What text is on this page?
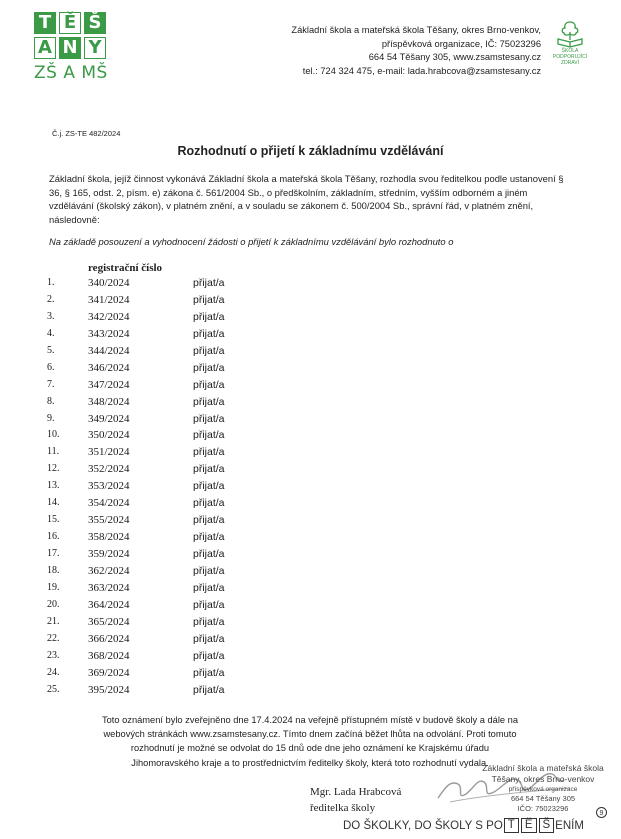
T Ě Š
A N Y
ZŠ A MŠ
Základní škola a mateřská škola Těšany, okres Brno-venkov,
příspěvková organizace, IČ: 75023296
664 54 Těšany 305, www.zsamstesany.cz
tel.: 724 324 475, e-mail: lada.hrabcova@zsamstesany.cz
ŠKOLA
PODPORUJÍCÍ ZDRAVÍ
Č.j. ZS-TE 482/2024
Rozhodnutí o přijetí k základnímu vzdělávání
Základní škola, jejíž činnost vykonává Základní škola a mateřská škola Těšany, rozhodla svou ředitelkou podle ustanovení § 36, § 165, odst. 2, písm. e) zákona č. 561/2004 Sb., o předškolním, základním, středním, vyšším odborném a jiném vzdělávání (školský zákon), v platném znění, a v souladu se zákonem č. 500/2004 Sb., správní řád, v platném znění, následovně:
Na základě posouzení a vyhodnocení žádosti o přijetí k základnímu vzdělávání bylo rozhodnuto o
registrační číslo
1.	340/2024	přijat/a
2.	341/2024	přijat/a
3.	342/2024	přijat/a
4.	343/2024	přijat/a
5.	344/2024	přijat/a
6.	346/2024	přijat/a
7.	347/2024	přijat/a
8.	348/2024	přijat/a
9.	349/2024	přijat/a
10.	350/2024	přijat/a
11.	351/2024	přijat/a
12.	352/2024	přijat/a
13.	353/2024	přijat/a
14.	354/2024	přijat/a
15.	355/2024	přijat/a
16.	358/2024	přijat/a
17.	359/2024	přijat/a
18.	362/2024	přijat/a
19.	363/2024	přijat/a
20.	364/2024	přijat/a
21.	365/2024	přijat/a
22.	366/2024	přijat/a
23.	368/2024	přijat/a
24.	369/2024	přijat/a
25.	395/2024	přijat/a
Toto oznámení bylo zveřejněno dne 17.4.2024 na veřejně přístupném místě v budově školy a dále na
webových stránkách www.zsamstesany.cz. Tímto dnem začíná běžet lhůta na odvolání. Proti tomuto
rozhodnutí je možné se odvolat do 15 dnů ode dne jeho oznámení ke Krajskému úřadu
Jihomoravského kraje a to prostřednictvím ředitelky školy, která toto rozhodnutí vydala.
Mgr. Lada Hrabcová
ředitelka školy
Základní škola a mateřská škola
Těšany, okres Brno-venkov
příspěvková organizace
664 54 Těšany 305
IČO: 75023296
9
DO ŠKOLKY, DO ŠKOLY S PO T Ě Š ENÍM
